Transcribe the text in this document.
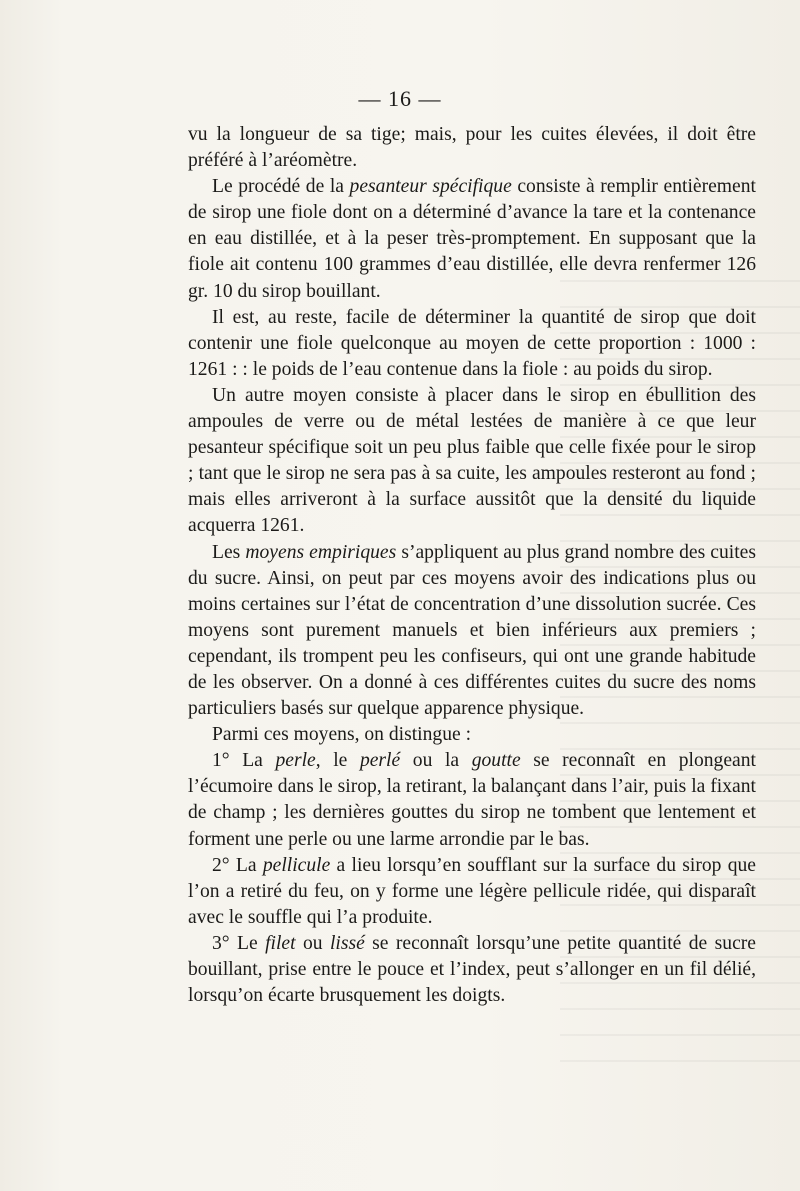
— 16 —

vu la longueur de sa tige; mais, pour les cuites élevées, il doit être préféré à l’aréomètre.

Le procédé de la pesanteur spécifique consiste à remplir entièrement de sirop une fiole dont on a déterminé d’avance la tare et la contenance en eau distillée, et à la peser très-promptement. En supposant que la fiole ait contenu 100 grammes d’eau distillée, elle devra renfermer 126 gr. 10 du sirop bouillant.

Il est, au reste, facile de déterminer la quantité de sirop que doit contenir une fiole quelconque au moyen de cette proportion : 1000 : 1261 : : le poids de l’eau contenue dans la fiole : au poids du sirop.

Un autre moyen consiste à placer dans le sirop en ébullition des ampoules de verre ou de métal lestées de manière à ce que leur pesanteur spécifique soit un peu plus faible que celle fixée pour le sirop ; tant que le sirop ne sera pas à sa cuite, les ampoules resteront au fond ; mais elles arriveront à la surface aussitôt que la densité du liquide acquerra 1261.

Les moyens empiriques s’appliquent au plus grand nombre des cuites du sucre. Ainsi, on peut par ces moyens avoir des indications plus ou moins certaines sur l’état de concentration d’une dissolution sucrée. Ces moyens sont purement manuels et bien inférieurs aux premiers ; cependant, ils trompent peu les confiseurs, qui ont une grande habitude de les observer. On a donné à ces différentes cuites du sucre des noms particuliers basés sur quelque apparence physique.

Parmi ces moyens, on distingue :

1° La perle, le perlé ou la goutte se reconnaît en plongeant l’écumoire dans le sirop, la retirant, la balançant dans l’air, puis la fixant de champ ; les dernières gouttes du sirop ne tombent que lentement et forment une perle ou une larme arrondie par le bas.

2° La pellicule a lieu lorsqu’en soufflant sur la surface du sirop que l’on a retiré du feu, on y forme une légère pellicule ridée, qui disparaît avec le souffle qui l’a produite.

3° Le filet ou lissé se reconnaît lorsqu’une petite quantité de sucre bouillant, prise entre le pouce et l’index, peut s’allonger en un fil délié, lorsqu’on écarte brusquement les doigts.
